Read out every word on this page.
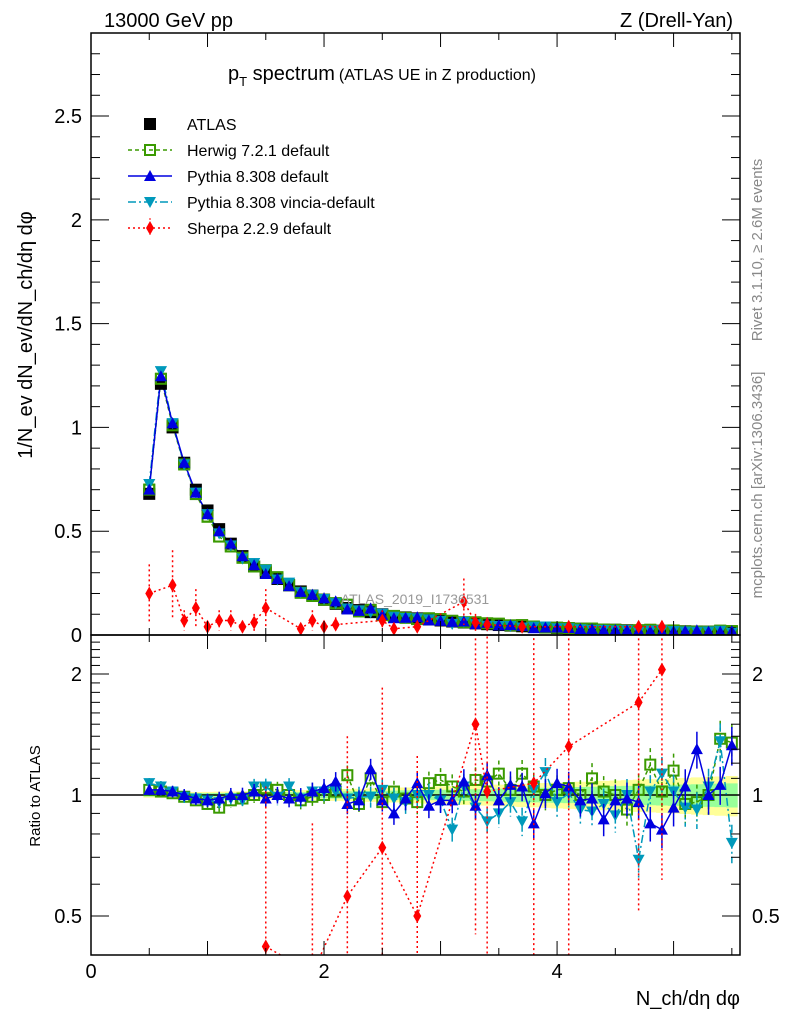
13000 GeV pp	Z (Drell-Yan)
Rivet 3.1.10, ≥ 2.6M events
mcplots.cern.ch [arXiv:1306.3436]
$p_T$ spectrum (ATLAS UE in Z production)
1/N_ev dN_ev/dN_ch/dη dφ
Ratio to ATLAS
N_ch/dη dφ
0	2	4
0
0.5
1
1.5
2
2.5
0.5	0.5
1	1
2	2
ATLAS
Herwig 7.2.1 default
Pythia 8.308 default
Pythia 8.308 vincia-default
Sherpa 2.2.9 default
ATLAS_2019_I1736531
